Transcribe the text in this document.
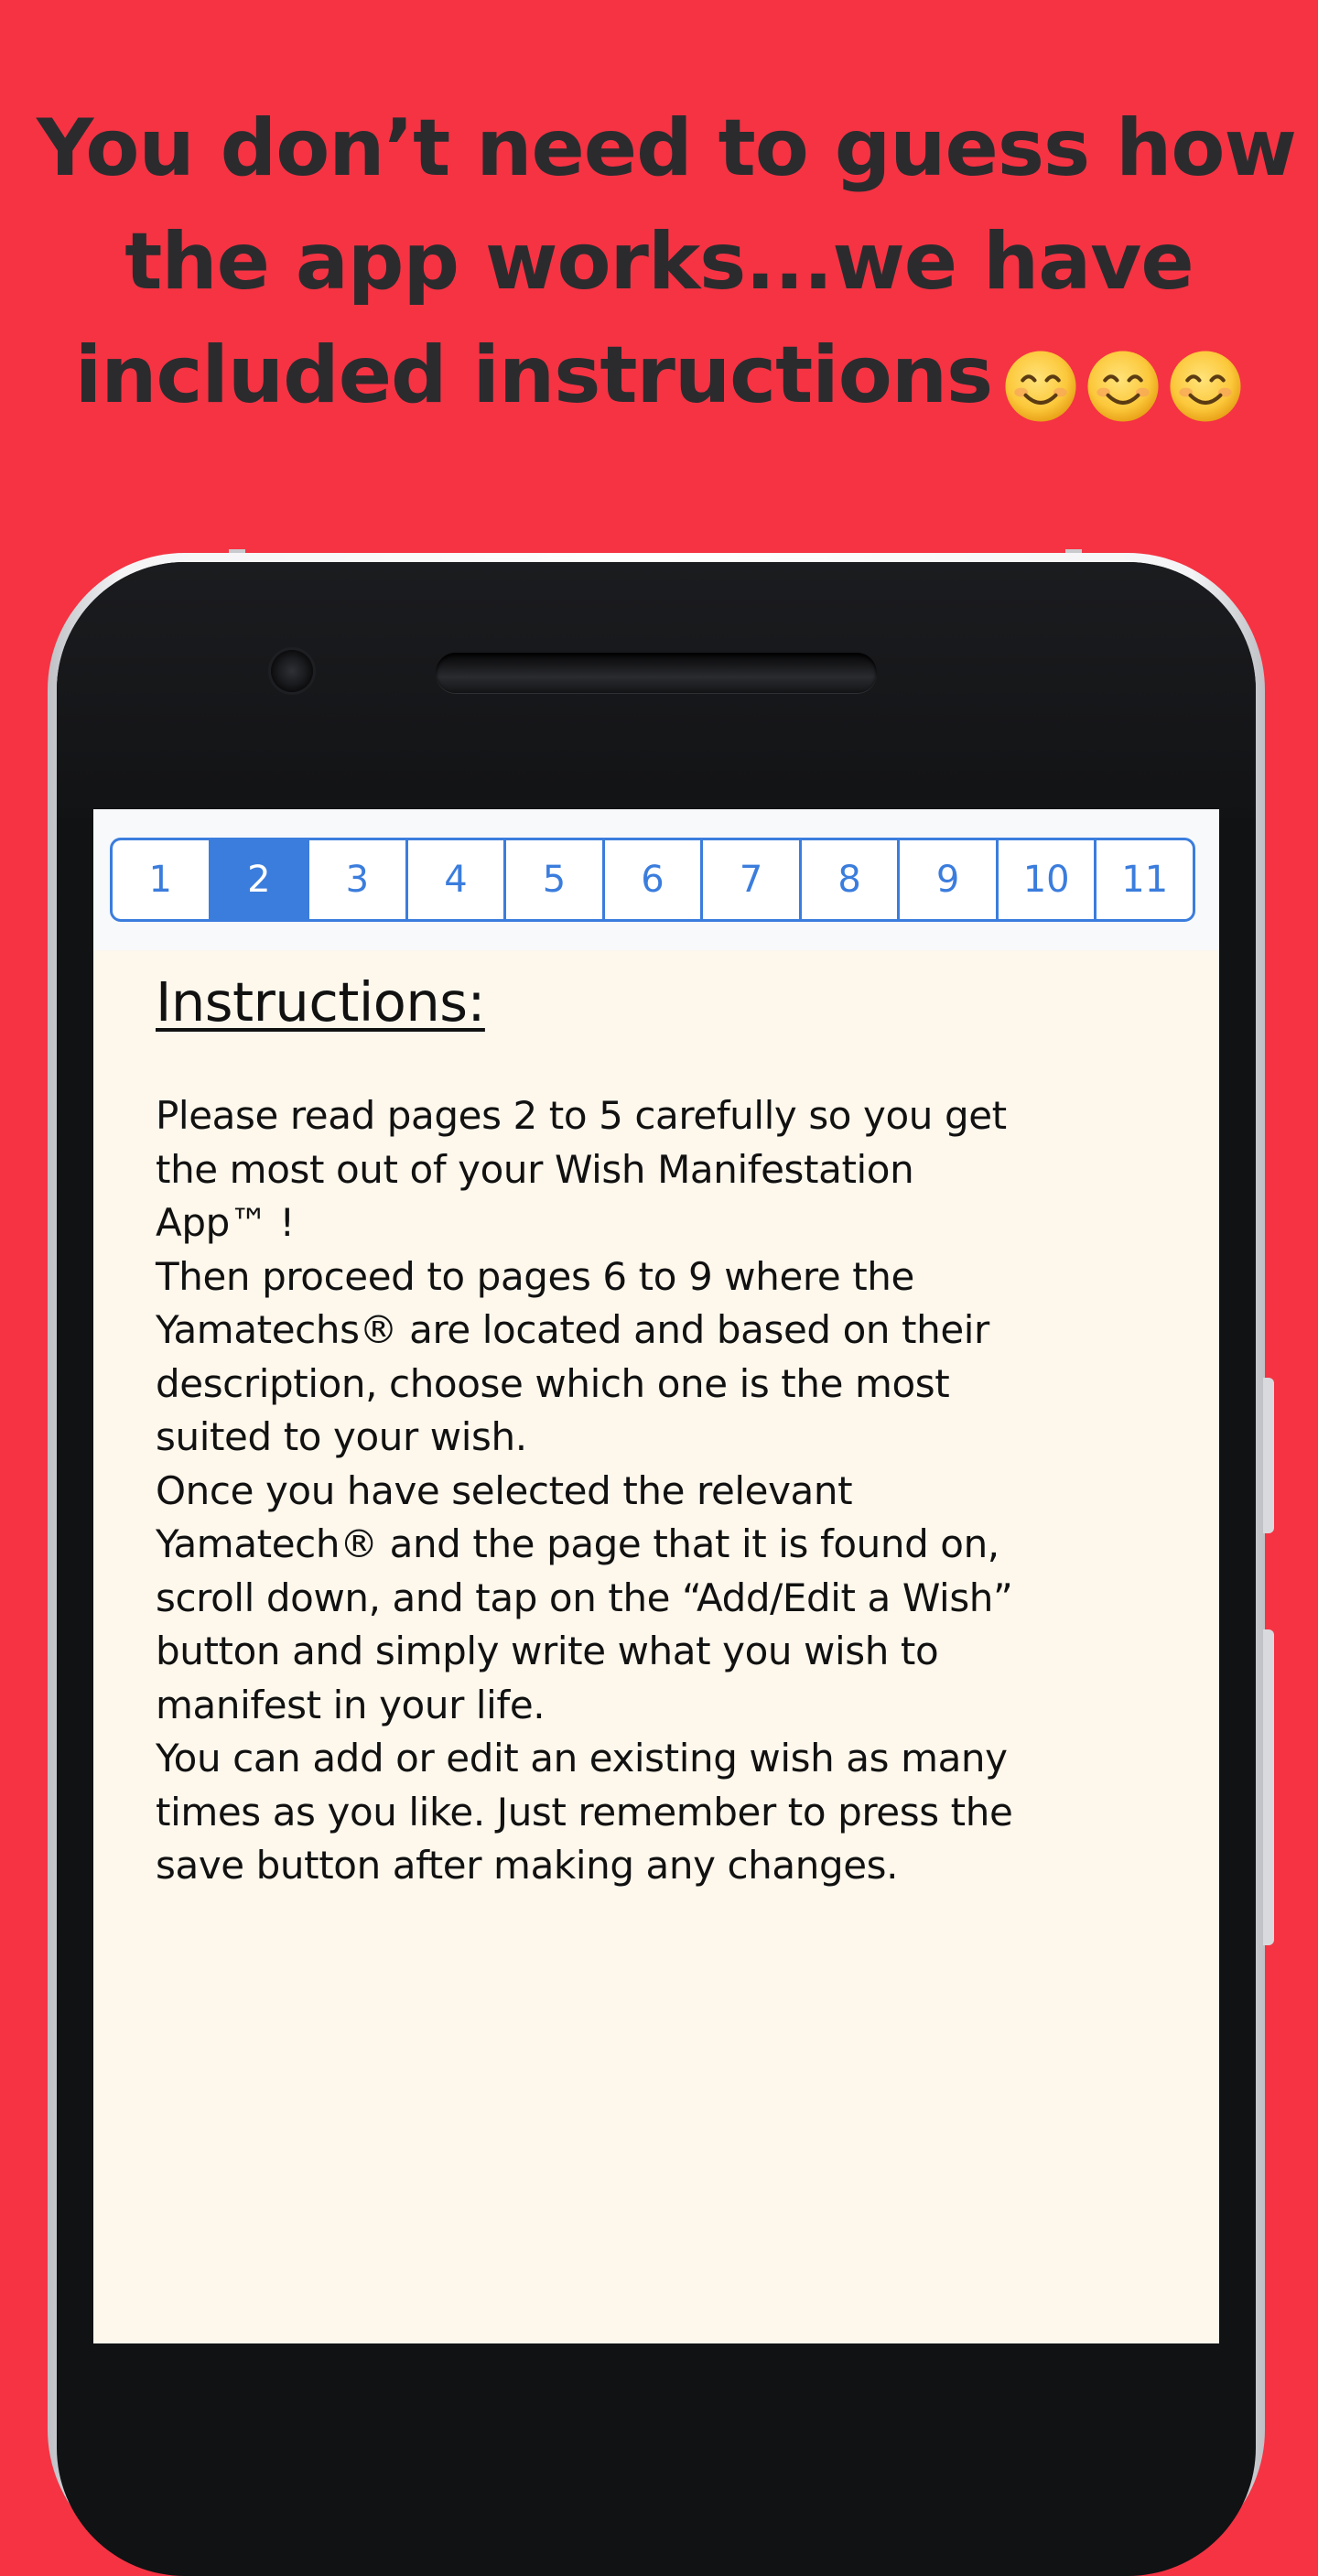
You don’t need to guess how
the app works...we have
included instructions
1	2	3	4	5	6	7	8	9	10	11
Instructions:
Please read pages 2 to 5 carefully so you get
the most out of your Wish Manifestation
App™ !
Then proceed to pages 6 to 9 where the
Yamatechs® are located and based on their
description, choose which one is the most
suited to your wish.
Once you have selected the relevant
Yamatech® and the page that it is found on,
scroll down, and tap on the “Add/Edit a Wish”
button and simply write what you wish to
manifest in your life.
You can add or edit an existing wish as many
times as you like. Just remember to press the
save button after making any changes.
